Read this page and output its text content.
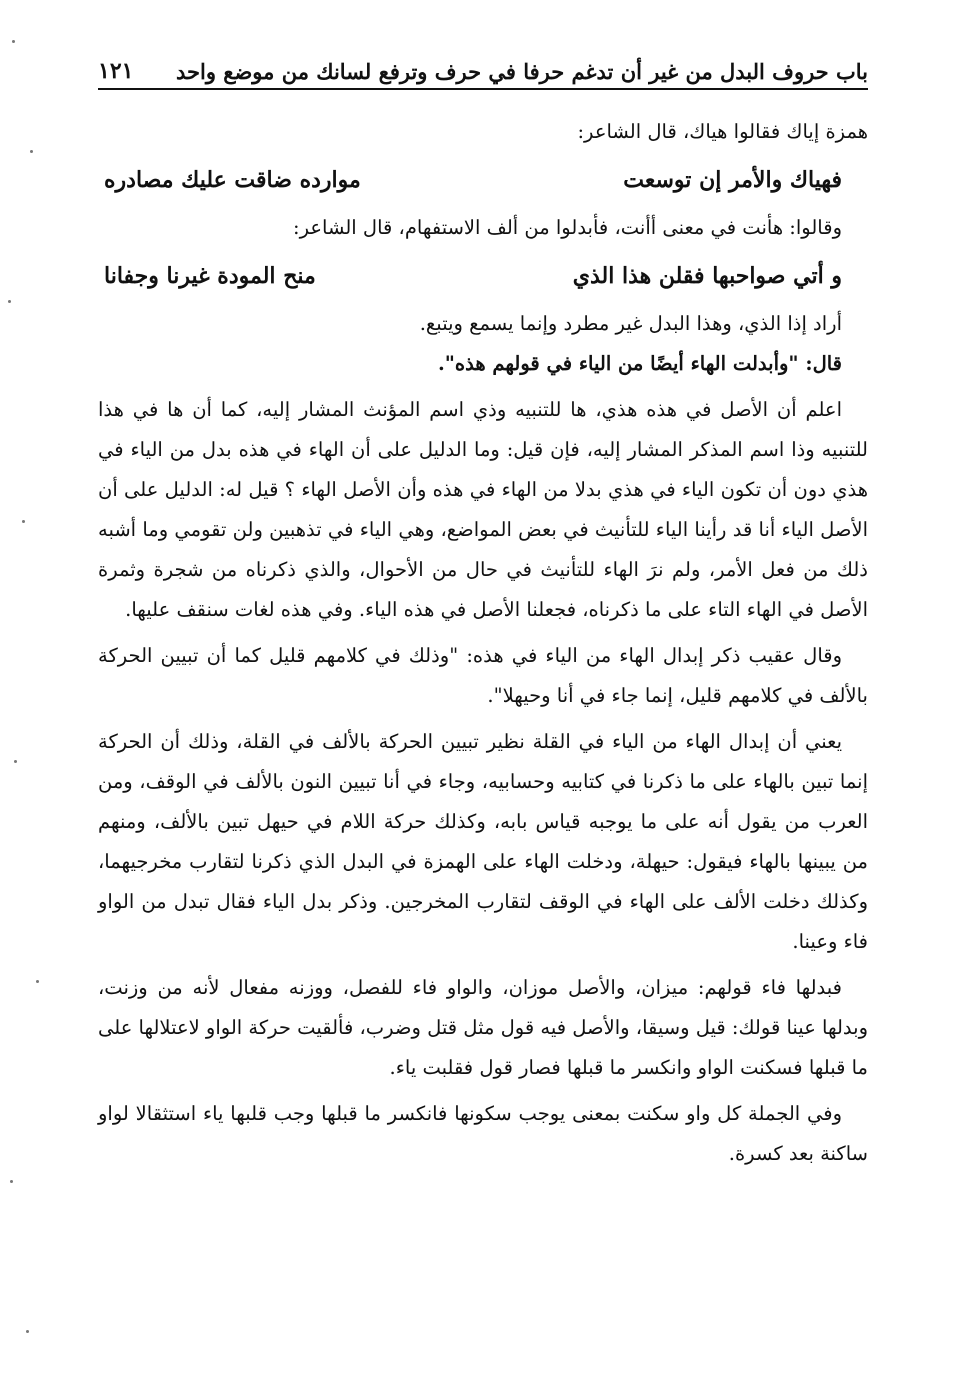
باب حروف البدل من غير أن تدغم حرفا في حرف وترفع لسانك من موضع واحد
١٢١

همزة إياك فقالوا هياك، قال الشاعر:

فهياك والأمر إن توسعت
موارده ضاقت عليك مصادره

وقالوا: هأنت في معنى أأنت، فأبدلوا من ألف الاستفهام، قال الشاعر:

و أتي صواحبها فقلن هذا الذي
منح المودة غيرنا وجفانا

أراد إذا الذي، وهذا البدل غير مطرد وإنما يسمع ويتبع.

قال: "وأبدلت الهاء أيضًا من الياء في قولهم هذه".

اعلم أن الأصل في هذه هذي، ها للتنبيه وذي اسم المؤنث المشار إليه، كما أن ها في هذا للتنبيه وذا اسم المذكر المشار إليه، فإن قيل: وما الدليل على أن الهاء في هذه بدل من الياء في هذي دون أن تكون الياء في هذي بدلا من الهاء في هذه وأن الأصل الهاء ؟ قيل له: الدليل على أن الأصل الياء أنا قد رأينا الياء للتأنيث في بعض المواضع، وهي الياء في تذهبين ولن تقومي وما أشبه ذلك من فعل الأمر، ولم نرَ الهاء للتأنيث في حال من الأحوال، والذي ذكرناه من شجرة وثمرة الأصل في الهاء التاء على ما ذكرناه، فجعلنا الأصل في هذه الياء. وفي هذه لغات سنقف عليها.

وقال عقيب ذكر إبدال الهاء من الياء في هذه: "وذلك في كلامهم قليل كما أن تبيين الحركة بالألف في كلامهم قليل، إنما جاء في أنا وحيهلا".

يعني أن إبدال الهاء من الياء في القلة نظير تبيين الحركة بالألف في القلة، وذلك أن الحركة إنما تبين بالهاء على ما ذكرنا في كتابيه وحسابيه، وجاء في أنا تبيين النون بالألف في الوقف، ومن العرب من يقول أنه على ما يوجبه قياس بابه، وكذلك حركة اللام في حيهل تبين بالألف، ومنهم من يبينها بالهاء فيقول: حيهلة، ودخلت الهاء على الهمزة في البدل الذي ذكرنا لتقارب مخرجيهما، وكذلك دخلت الألف على الهاء في الوقف لتقارب المخرجين. وذكر بدل الياء فقال تبدل من الواو فاء وعينا.

فبدلها فاء قولهم: ميزان، والأصل موزان، والواو فاء للفصل، ووزنه مفعال لأنه من وزنت، وبدلها عينا قولك: قيل وسيقا، والأصل فيه قول مثل قتل وضرب، فألقيت حركة الواو لاعتلالها على ما قبلها فسكنت الواو وانكسر ما قبلها فصار قول فقلبت ياء.

وفي الجملة كل واو سكنت بمعنى يوجب سكونها فانكسر ما قبلها وجب قلبها ياء استثقالا لواو ساكنة بعد كسرة.
